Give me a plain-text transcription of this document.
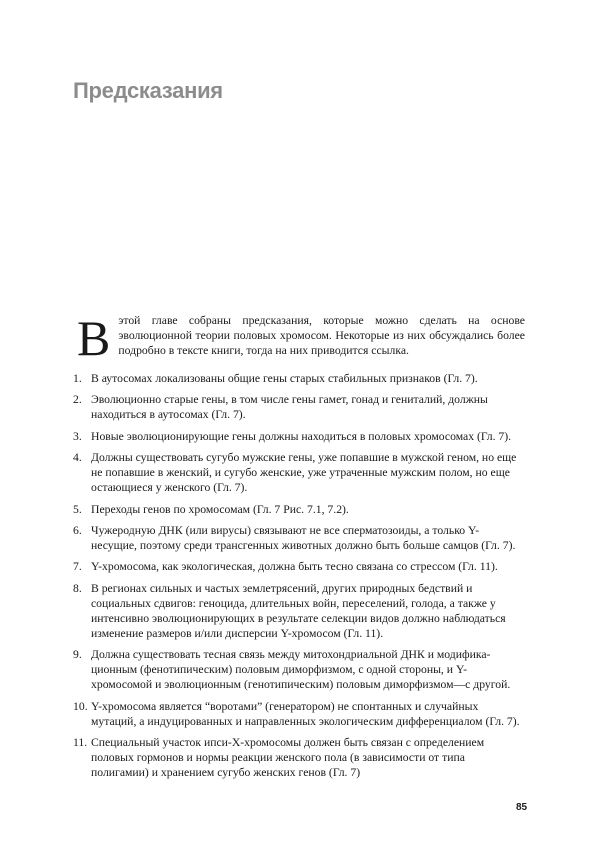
Предсказания
В этой главе собраны предсказания, которые можно сделать на основе эволюционной теории половых хромосом. Некоторые из них обсуждались более подробно в тексте книги, тогда на них приводится ссылка.
1. В аутосомах локализованы общие гены старых стабильных признаков (Гл. 7).
2. Эволюционно старые гены, в том числе гены гамет, гонад и гениталий, должны находиться в аутосомах (Гл. 7).
3. Новые эволюционирующие гены должны находиться в половых хромосомах (Гл. 7).
4. Должны существовать сугубо мужские гены, уже попавшие в мужской геном, но еще не попавшие в женский, и сугубо женские, уже утраченные мужским полом, но еще остающиеся у женского (Гл. 7).
5. Переходы генов по хромосомам (Гл. 7 Рис. 7.1, 7.2).
6. Чужеродную ДНК (или вирусы) связывают не все сперматозоиды, а только Y-несущие, поэтому среди трансгенных животных должно быть больше самцов (Гл. 7).
7. Y-хромосома, как экологическая, должна быть тесно связана со стрессом (Гл. 11).
8. В регионах сильных и частых землетрясений, других природных бедствий и социальных сдвигов: геноцида, длительных войн, переселений, голода, а также у интенсивно эволюционирующих в результате селекции видов должно наблюдаться изменение размеров и/или дисперсии Y-хромосом (Гл. 11).
9. Должна существовать тесная связь между митохондриальной ДНК и модифика-ционным (фенотипическим) половым диморфизмом, с одной стороны, и Y-хромосомой и эволюционным (генотипическим) половым диморфизмом—с другой.
10. Y-хромосома является “воротами” (генератором) не спонтанных и случайных мутаций, а индуцированных и направленных экологическим дифференциалом (Гл. 7).
11. Специальный участок ипси-Х-хромосомы должен быть связан с определением половых гормонов и нормы реакции женского пола (в зависимости от типа полигамии) и хранением сугубо женских генов (Гл. 7)
85
